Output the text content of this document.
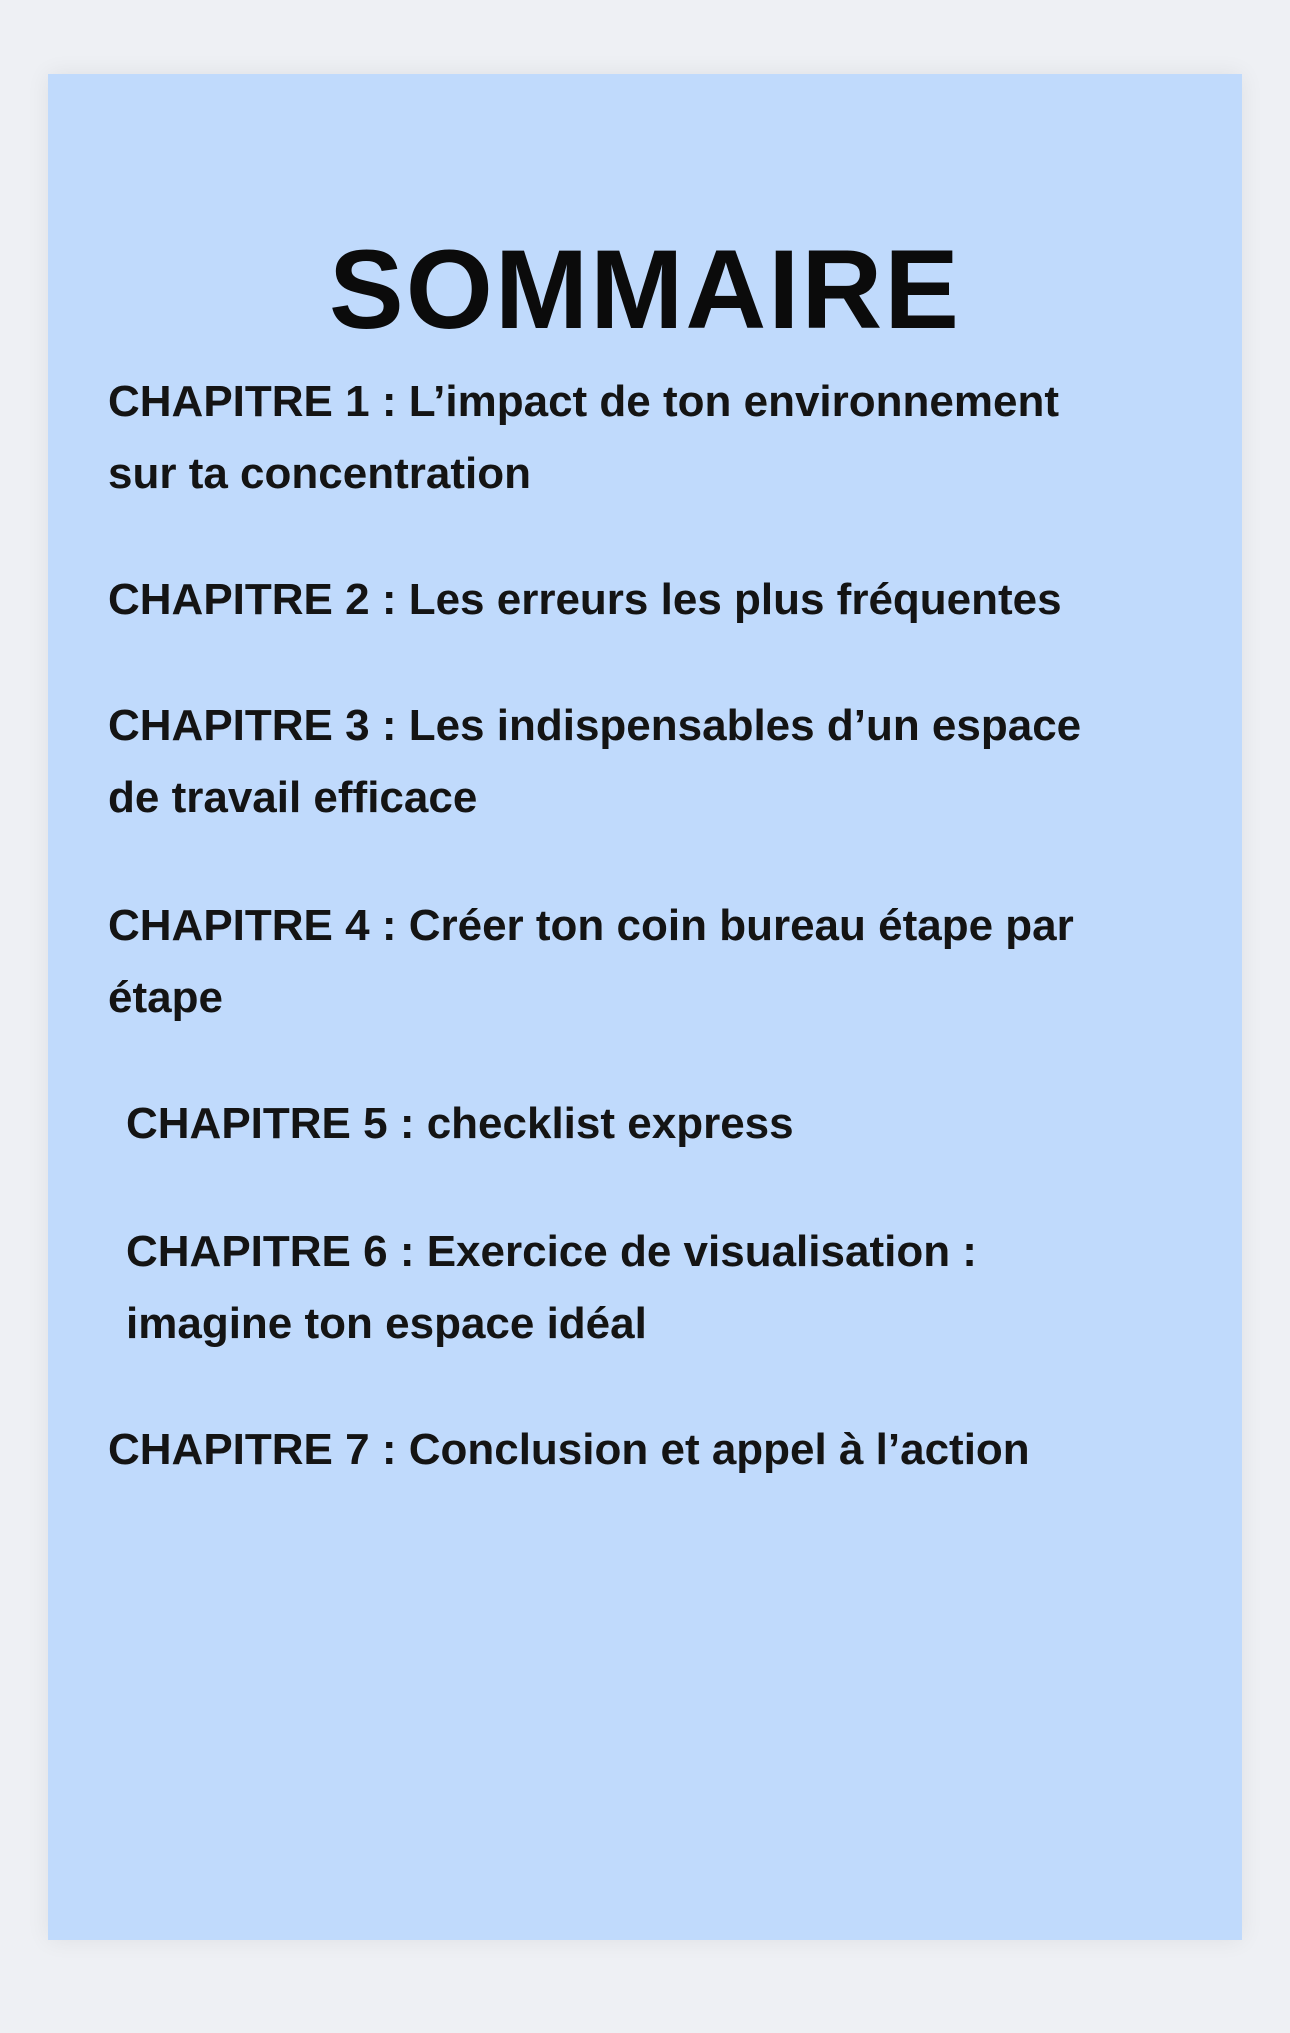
SOMMAIRE
CHAPITRE 1 : L’impact de ton environnement
sur ta concentration
CHAPITRE 2 : Les erreurs les plus fréquentes
CHAPITRE 3 : Les indispensables d’un espace
de travail efficace
CHAPITRE 4 : Créer ton coin bureau étape par
étape
CHAPITRE 5 : checklist express
CHAPITRE 6 : Exercice de visualisation :
imagine ton espace idéal
CHAPITRE 7 : Conclusion et appel à l’action
